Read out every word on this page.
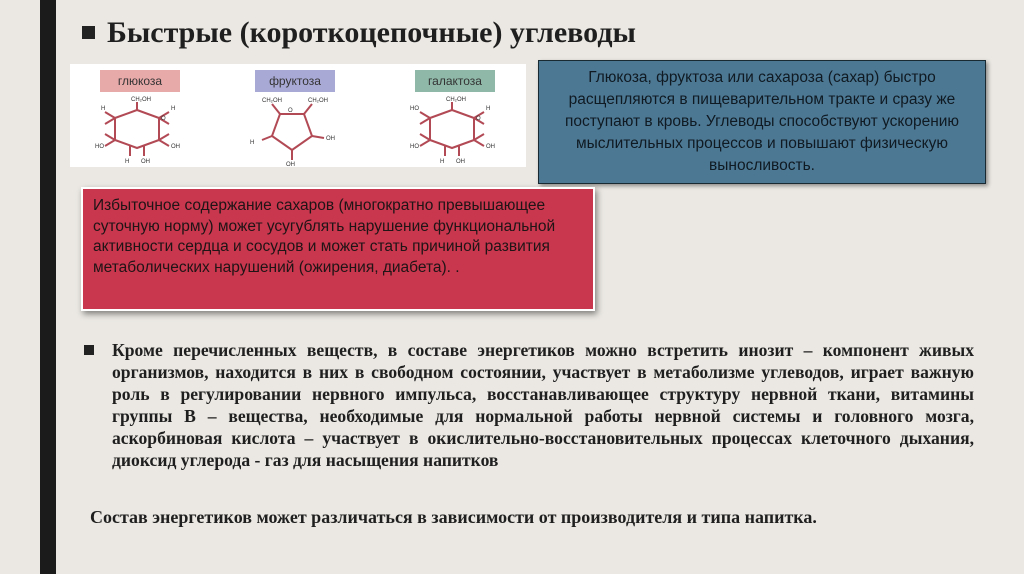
Быстрые (короткоцепочные) углеводы
глюкоза
CH₂OH
O
H	H
HO	OH
H OH
фруктоза
CH₂OH	CH₂OH
O
OH
H
OH
галактоза
CH₂OH
O
HO	H
HO	OH
H OH

Глюкоза, фруктоза или сахароза (сахар) быстро расщепляются в пищеварительном тракте и сразу же поступают в кровь. Углеводы способствуют ускорению мыслительных процессов и повышают физическую выносливость.

Избыточное содержание сахаров (многократно превышающее суточную норму) может усугублять нарушение функциональной активности сердца и сосудов и может стать причиной развития метаболических нарушений (ожирения, диабета). .

Кроме перечисленных веществ, в составе энергетиков можно встретить инозит – компонент живых организмов, находится в них в свободном состоянии, участвует в метаболизме углеводов, играет важную роль в регулировании нервного импульса, восстанавливающее структуру нервной ткани, витамины группы В – вещества, необходимые для нормальной работы нервной системы и головного мозга, аскорбиновая кислота – участвует в окислительно-восстановительных процессах клеточного дыхания, диоксид углерода - газ для насыщения напитков

Состав энергетиков может различаться в зависимости от производителя и типа напитка.
